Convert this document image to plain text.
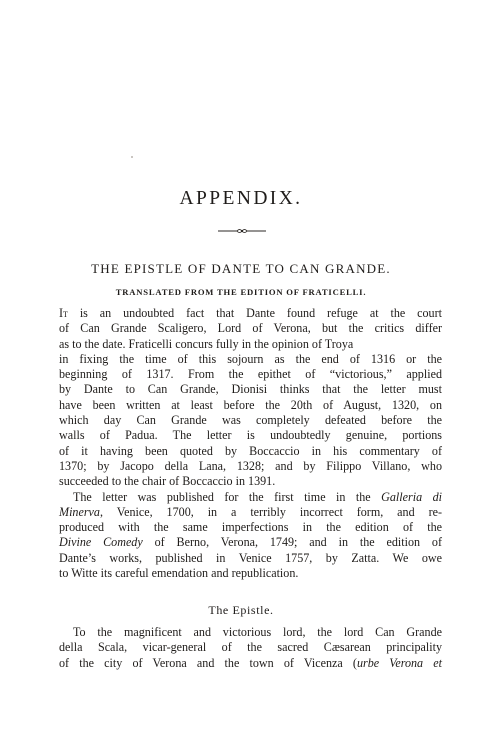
APPENDIX.
THE EPISTLE OF DANTE TO CAN GRANDE.
TRANSLATED FROM THE EDITION OF FRATICELLI.
It is an undoubted fact that Dante found refuge at the court
of Can Grande Scaligero, Lord of Verona, but the critics differ
as to the date. Fraticelli concurs fully in the opinion of Troya
in fixing the time of this sojourn as the end of 1316 or the
beginning of 1317. From the epithet of “victorious,” applied
by Dante to Can Grande, Dionisi thinks that the letter must
have been written at least before the 20th of August, 1320, on
which day Can Grande was completely defeated before the
walls of Padua. The letter is undoubtedly genuine, portions
of it having been quoted by Boccaccio in his commentary of
1370; by Jacopo della Lana, 1328; and by Filippo Villano, who
succeeded to the chair of Boccaccio in 1391.
The letter was published for the first time in the Galleria di
Minerva, Venice, 1700, in a terribly incorrect form, and re-
produced with the same imperfections in the edition of the
Divine Comedy of Berno, Verona, 1749; and in the edition of
Dante’s works, published in Venice 1757, by Zatta. We owe
to Witte its careful emendation and republication.
The Epistle.
To the magnificent and victorious lord, the lord Can Grande
della Scala, vicar-general of the sacred Cæsarean principality
of the city of Verona and the town of Vicenza (urbe Verona et
